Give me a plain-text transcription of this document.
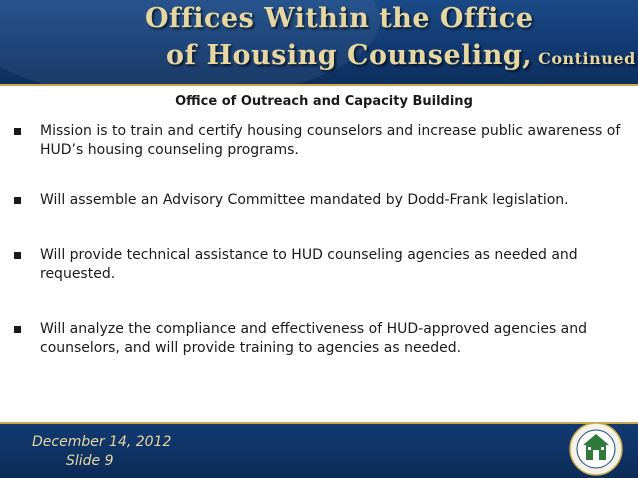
Offices Within the Office
of Housing Counseling, Continued
Office of Outreach and Capacity Building
Mission is to train and certify housing counselors and increase public awareness of HUD’s housing counseling programs.
Will assemble an Advisory Committee mandated by Dodd-Frank legislation.
Will provide technical assistance to HUD counseling agencies as needed and requested.
Will analyze the compliance and effectiveness of HUD-approved agencies and counselors, and will provide training to agencies as needed.
December 14, 2012
Slide 9
